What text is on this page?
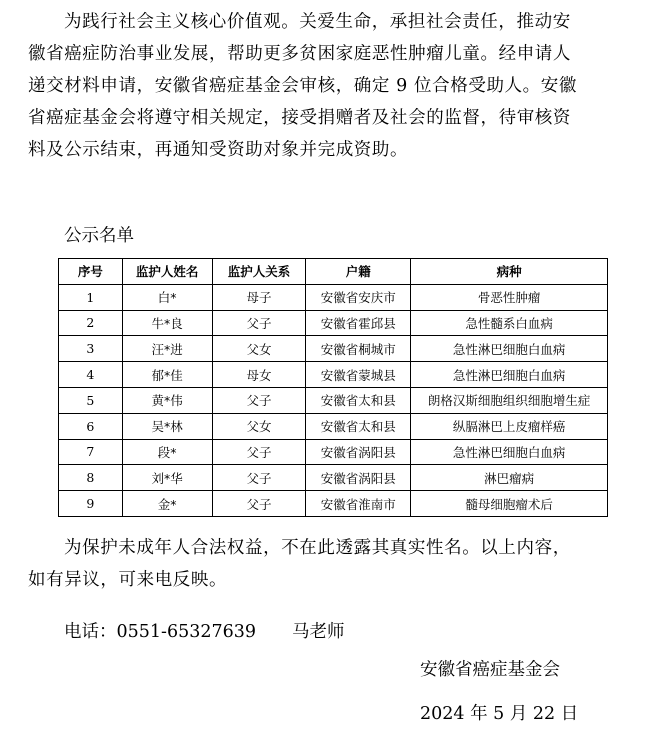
为践行社会主义核心价值观。关爱生命，承担社会责任，推动安徽省癌症防治事业发展，帮助更多贫困家庭恶性肿瘤儿童。经申请人递交材料申请，安徽省癌症基金会审核，确定 9 位合格受助人。安徽省癌症基金会将遵守相关规定，接受捐赠者及社会的监督，待审核资料及公示结束，再通知受资助对象并完成资助。

公示名单
序号	监护人姓名	监护人关系	户籍	病种
1	白*	母子	安徽省安庆市	骨恶性肿瘤
2	牛*良	父子	安徽省霍邱县	急性髓系白血病
3	汪*进	父女	安徽省桐城市	急性淋巴细胞白血病
4	郁*佳	母女	安徽省蒙城县	急性淋巴细胞白血病
5	黄*伟	父子	安徽省太和县	朗格汉斯细胞组织细胞增生症
6	吴*林	父女	安徽省太和县	纵膈淋巴上皮瘤样癌
7	段*	父子	安徽省涡阳县	急性淋巴细胞白血病
8	刘*华	父子	安徽省涡阳县	淋巴瘤病
9	金*	父子	安徽省淮南市	髓母细胞瘤术后

为保护未成年人合法权益，不在此透露其真实性名。以上内容，如有异议，可来电反映。

电话：0551-65327639 马老师
安徽省癌症基金会
2024 年 5 月 22 日
